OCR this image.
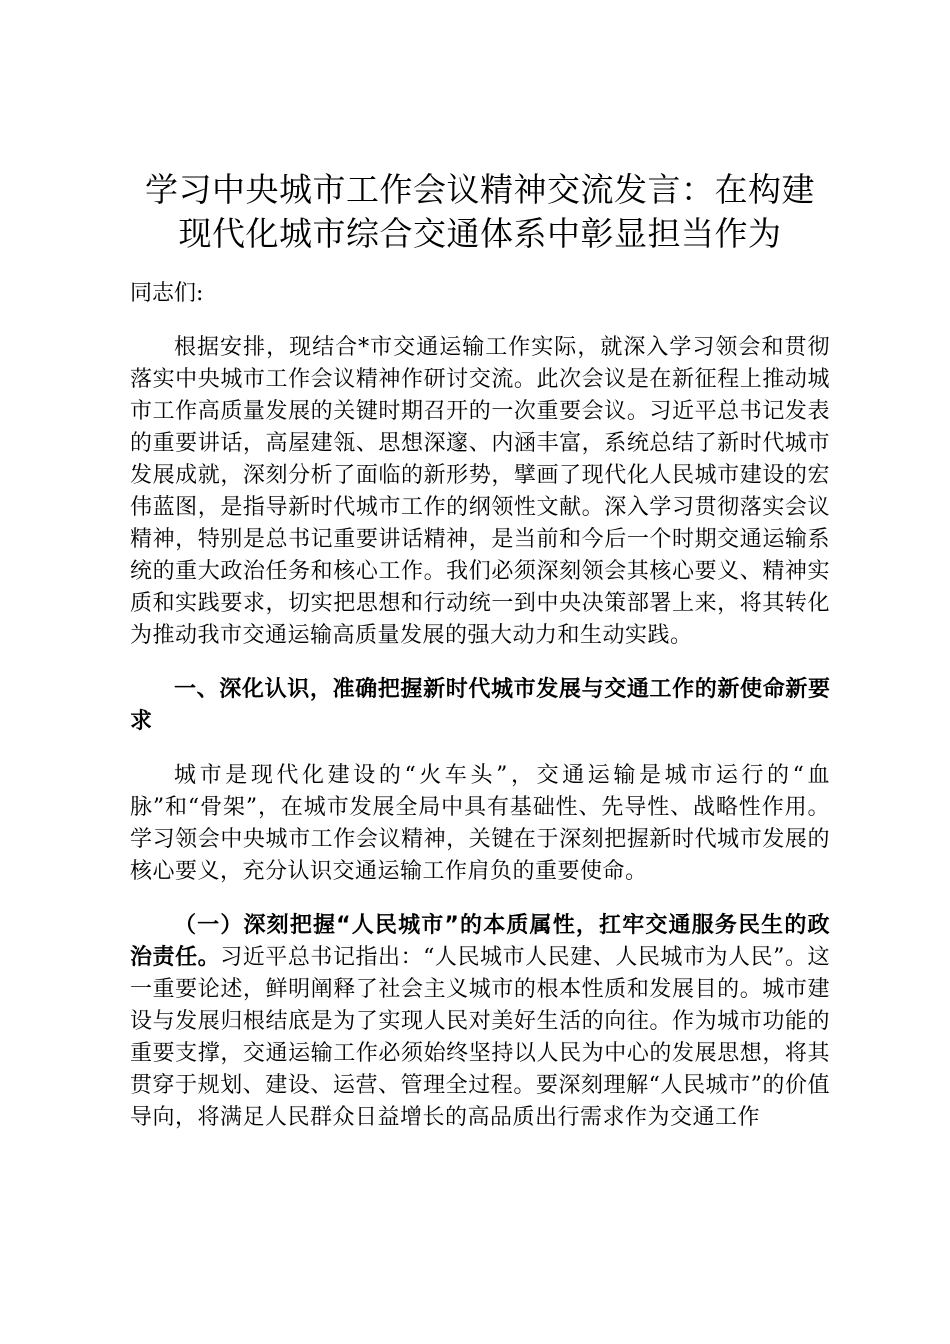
学习中央城市工作会议精神交流发言：在构建
现代化城市综合交通体系中彰显担当作为

同志们:

根据安排，现结合*市交通运输工作实际，就深入学习领会和贯彻落实中央城市工作会议精神作研讨交流。此次会议是在新征程上推动城市工作高质量发展的关键时期召开的一次重要会议。习近平总书记发表的重要讲话，高屋建瓴、思想深邃、内涵丰富，系统总结了新时代城市发展成就，深刻分析了面临的新形势，擘画了现代化人民城市建设的宏伟蓝图，是指导新时代城市工作的纲领性文献。深入学习贯彻落实会议精神，特别是总书记重要讲话精神，是当前和今后一个时期交通运输系统的重大政治任务和核心工作。我们必须深刻领会其核心要义、精神实质和实践要求，切实把思想和行动统一到中央决策部署上来，将其转化为推动我市交通运输高质量发展的强大动力和生动实践。

一、深化认识，准确把握新时代城市发展与交通工作的新使命新要求

城市是现代化建设的“火车头”，交通运输是城市运行的“血脉”和“骨架”，在城市发展全局中具有基础性、先导性、战略性作用。学习领会中央城市工作会议精神，关键在于深刻把握新时代城市发展的核心要义，充分认识交通运输工作肩负的重要使命。

（一）深刻把握“人民城市”的本质属性，扛牢交通服务民生的政治责任。习近平总书记指出：“人民城市人民建、人民城市为人民”。这一重要论述，鲜明阐释了社会主义城市的根本性质和发展目的。城市建设与发展归根结底是为了实现人民对美好生活的向往。作为城市功能的重要支撑，交通运输工作必须始终坚持以人民为中心的发展思想，将其贯穿于规划、建设、运营、管理全过程。要深刻理解“人民城市”的价值导向，将满足人民群众日益增长的高品质出行需求作为交通工作
